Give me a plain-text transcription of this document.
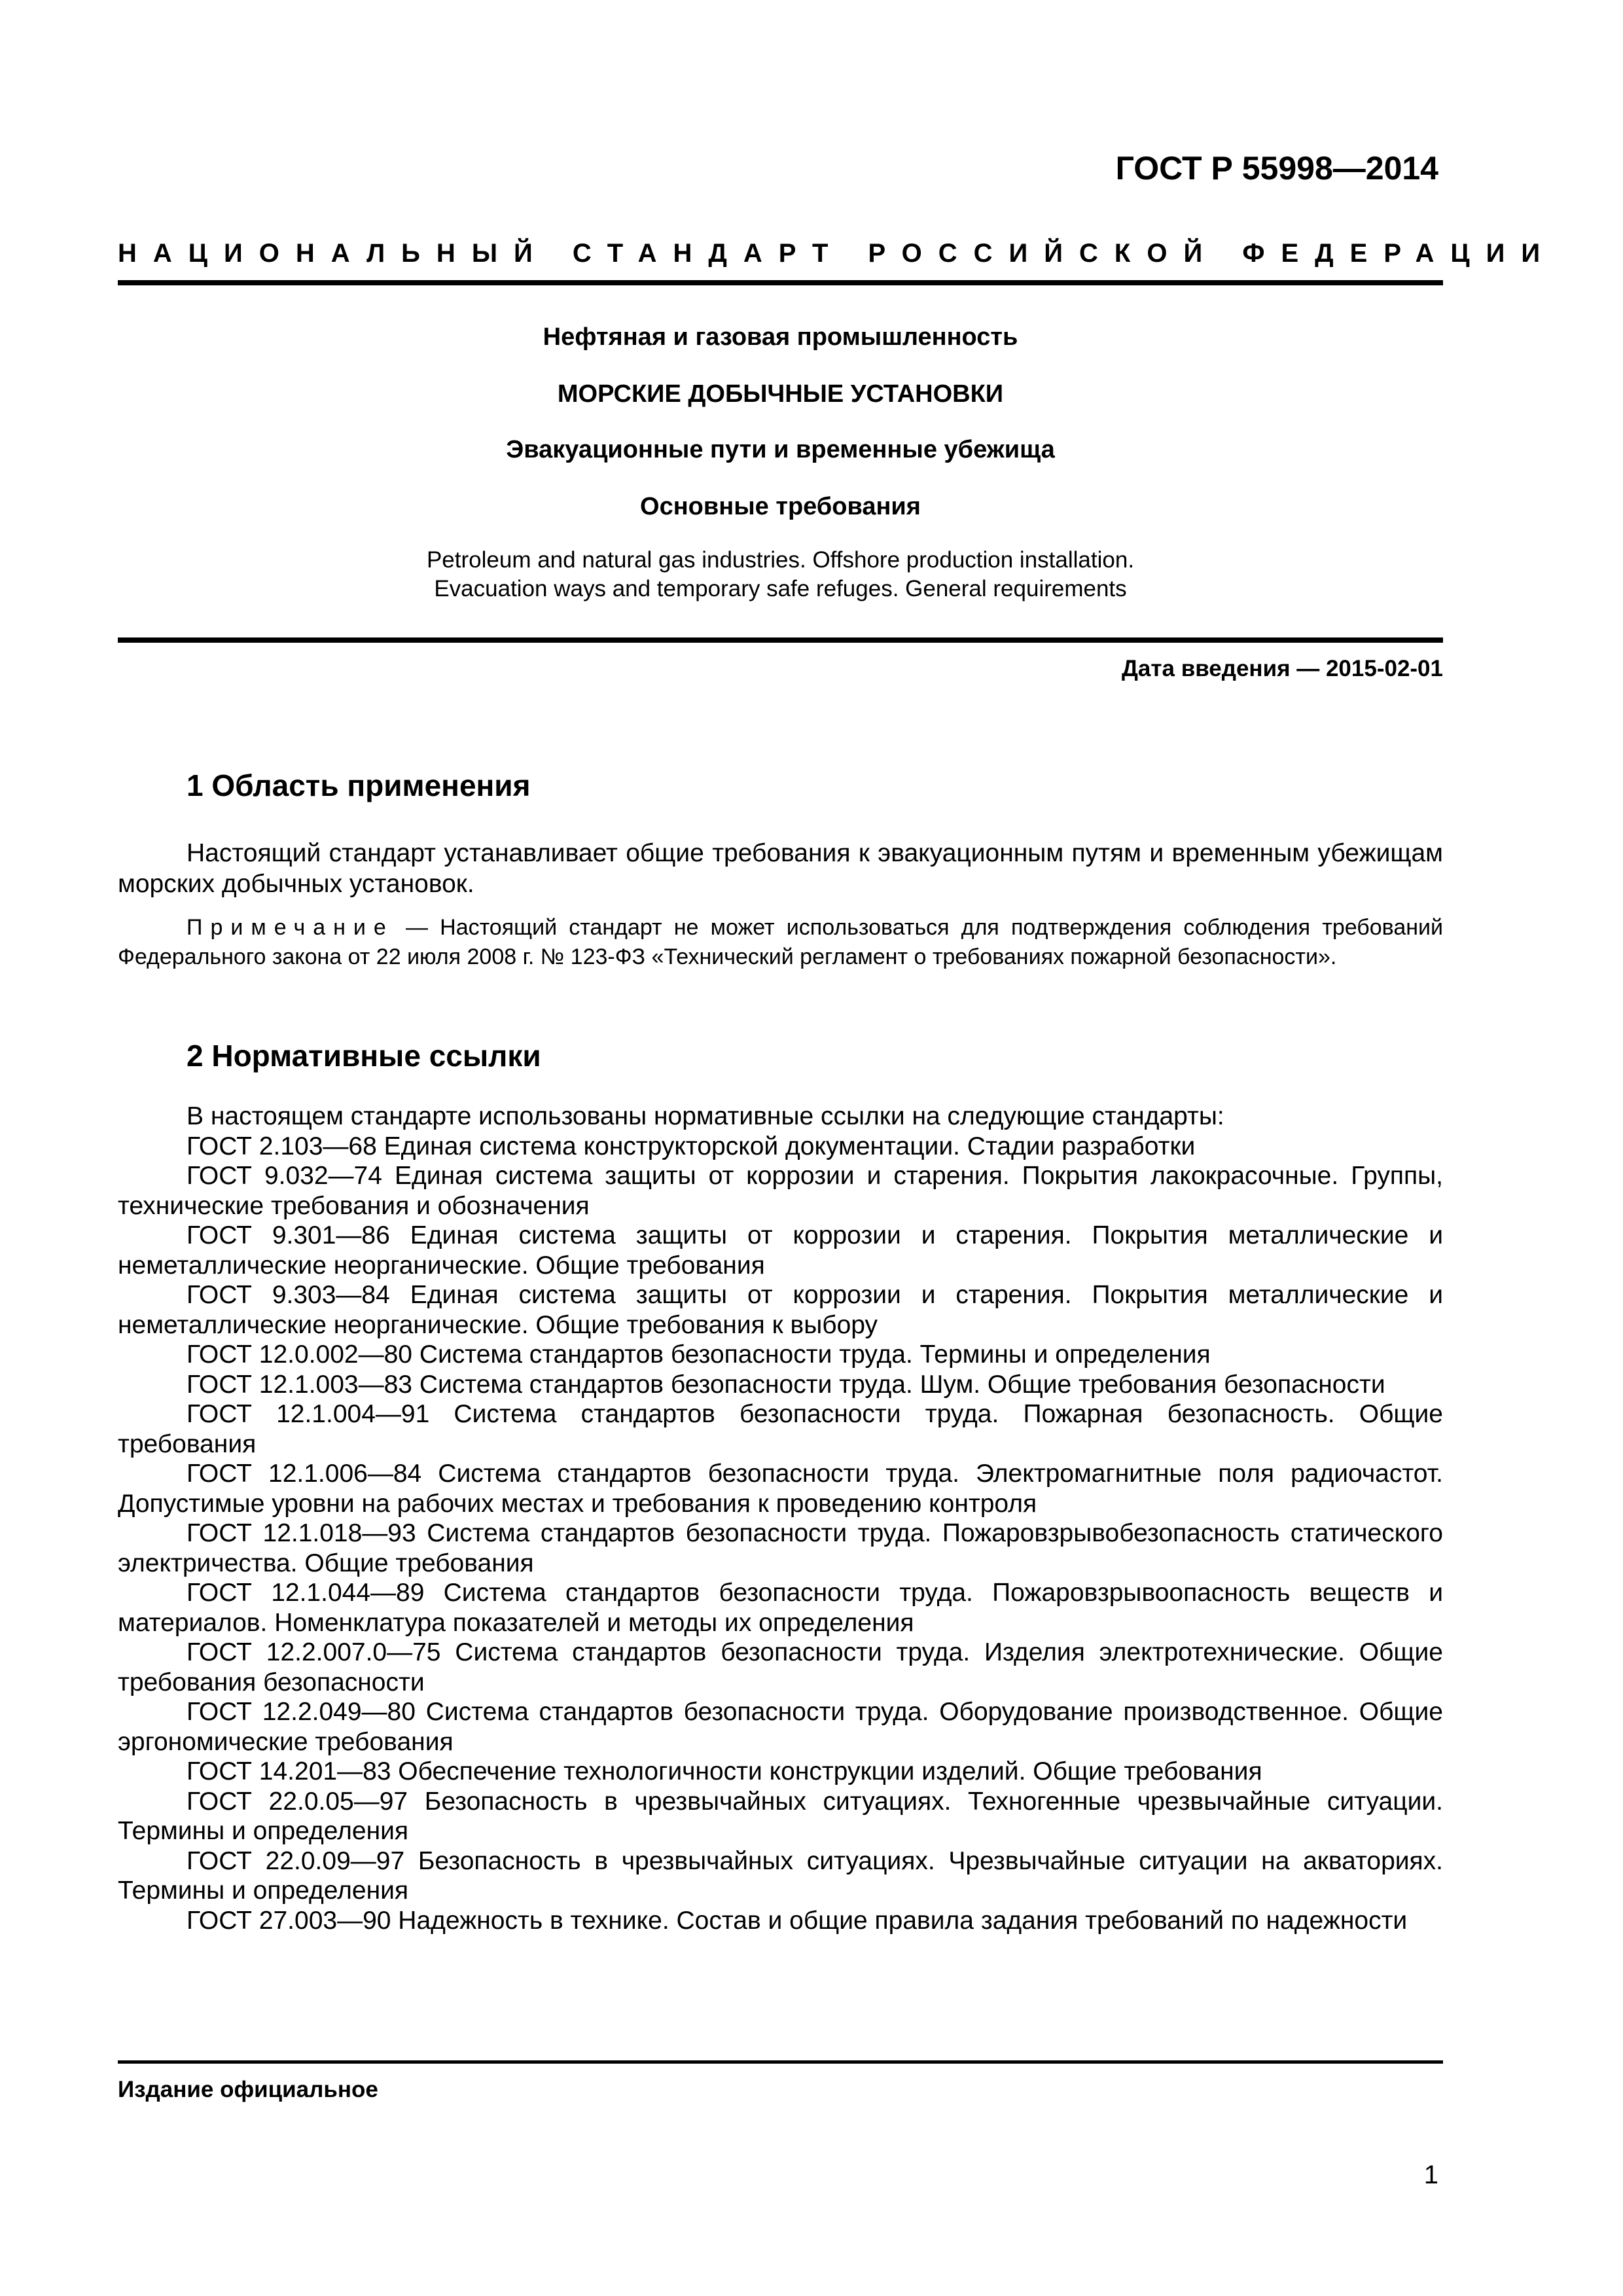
ГОСТ Р 55998—2014
НАЦИОНАЛЬНЫЙ СТАНДАРТ РОССИЙСКОЙ ФЕДЕРАЦИИ
Нефтяная и газовая промышленность
МОРСКИЕ ДОБЫЧНЫЕ УСТАНОВКИ
Эвакуационные пути и временные убежища
Основные требования
Petroleum and natural gas industries. Offshore production installation.
Evacuation ways and temporary safe refuges. General requirements
Дата введения — 2015-02-01
1 Область применения
Настоящий стандарт устанавливает общие требования к эвакуационным путям и временным убежищам морских добычных установок.
Примечание — Настоящий стандарт не может использоваться для подтверждения соблюдения требований Федерального закона от 22 июля 2008 г. № 123-ФЗ «Технический регламент о требованиях пожарной безопасности».
2 Нормативные ссылки

В настоящем стандарте использованы нормативные ссылки на следующие стандарты:

ГОСТ 2.103—68 Единая система конструкторской документации. Стадии разработки

ГОСТ 9.032—74 Единая система защиты от коррозии и старения. Покрытия лакокрасочные. Группы, технические требования и обозначения

ГОСТ 9.301—86 Единая система защиты от коррозии и старения. Покрытия металлические и неметаллические неорганические. Общие требования

ГОСТ 9.303—84 Единая система защиты от коррозии и старения. Покрытия металлические и неметаллические неорганические. Общие требования к выбору

ГОСТ 12.0.002—80 Система стандартов безопасности труда. Термины и определения

ГОСТ 12.1.003—83 Система стандартов безопасности труда. Шум. Общие требования безопасности

ГОСТ 12.1.004—91 Система стандартов безопасности труда. Пожарная безопасность. Общие требования

ГОСТ 12.1.006—84 Система стандартов безопасности труда. Электромагнитные поля радиочастот. Допустимые уровни на рабочих местах и требования к проведению контроля

ГОСТ 12.1.018—93 Система стандартов безопасности труда. Пожаровзрывобезопасность статического электричества. Общие требования

ГОСТ 12.1.044—89 Система стандартов безопасности труда. Пожаровзрывоопасность веществ и материалов. Номенклатура показателей и методы их определения

ГОСТ 12.2.007.0—75 Система стандартов безопасности труда. Изделия электротехнические. Общие требования безопасности

ГОСТ 12.2.049—80 Система стандартов безопасности труда. Оборудование производственное. Общие эргономические требования

ГОСТ 14.201—83 Обеспечение технологичности конструкции изделий. Общие требования

ГОСТ 22.0.05—97 Безопасность в чрезвычайных ситуациях. Техногенные чрезвычайные ситуации. Термины и определения

ГОСТ 22.0.09—97 Безопасность в чрезвычайных ситуациях. Чрезвычайные ситуации на акваториях. Термины и определения

ГОСТ 27.003—90 Надежность в технике. Состав и общие правила задания требований по надежности

Издание официальное
1
